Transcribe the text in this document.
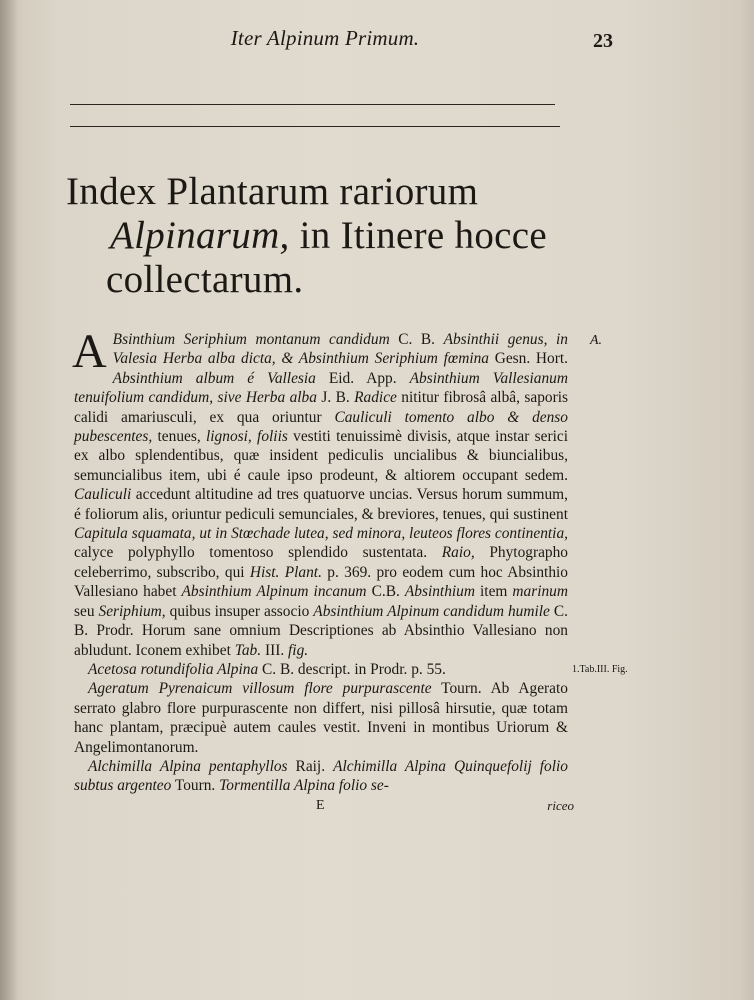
Iter Alpinum Primum.	23
Index Plantarum rariorum
Alpinarum, in Itinere hocce
collectarum.
A.
1.Tab.III. Fig.

A Bsinthium Seriphium montanum candidum C. B. Absinthii genus, in Valesia Herba alba dicta, & Absinthium Seriphium fœmina Gesn. Hort. Absinthium album é Vallesia Eid. App. Absinthium Vallesianum tenuifolium candidum, sive Herba alba J. B. Radice nititur fibrosâ albâ, saporis calidi amariusculi, ex qua oriuntur Cauliculi tomento albo & denso pubescentes, tenues, lignosi, foliis vestiti tenuissimè divisis, atque instar serici ex albo splendentibus, quæ insident pediculis uncialibus & biuncialibus, semuncialibus item, ubi é caule ipso prodeunt, & altiorem occupant sedem. Cauliculi accedunt altitudine ad tres quatuorve uncias. Versus horum summum, é foliorum alis, oriuntur pediculi semunciales, & breviores, tenues, qui sustinent Capitula squamata, ut in Stœchade lutea, sed minora, leuteos flores continentia, calyce polyphyllo tomentoso splendido sustentata. Raio, Phytographo celeberrimo, subscribo, qui Hist. Plant. p. 369. pro eodem cum hoc Absinthio Vallesiano habet Absinthium Alpinum incanum C.B. Absinthium item marinum seu Seriphium, quibus insuper associo Absinthium Alpinum candidum humile C. B. Prodr. Horum sane omnium Descriptiones ab Absinthio Vallesiano non abludunt. Iconem exhibet Tab. III. fig.

Acetosa rotundifolia Alpina C. B. descript. in Prodr. p. 55.

Ageratum Pyrenaicum villosum flore purpurascente Tourn. Ab Agerato serrato glabro flore purpurascente non differt, nisi pillosâ hirsutie, quæ totam hanc plantam, præcipuè autem caules vestit. Inveni in montibus Uriorum & Angelimontanorum.

Alchimilla Alpina pentaphyllos Raij. Alchimilla Alpina Quinquefolij folio subtus argenteo Tourn. Tormentilla Alpina folio se-

E	riceo
